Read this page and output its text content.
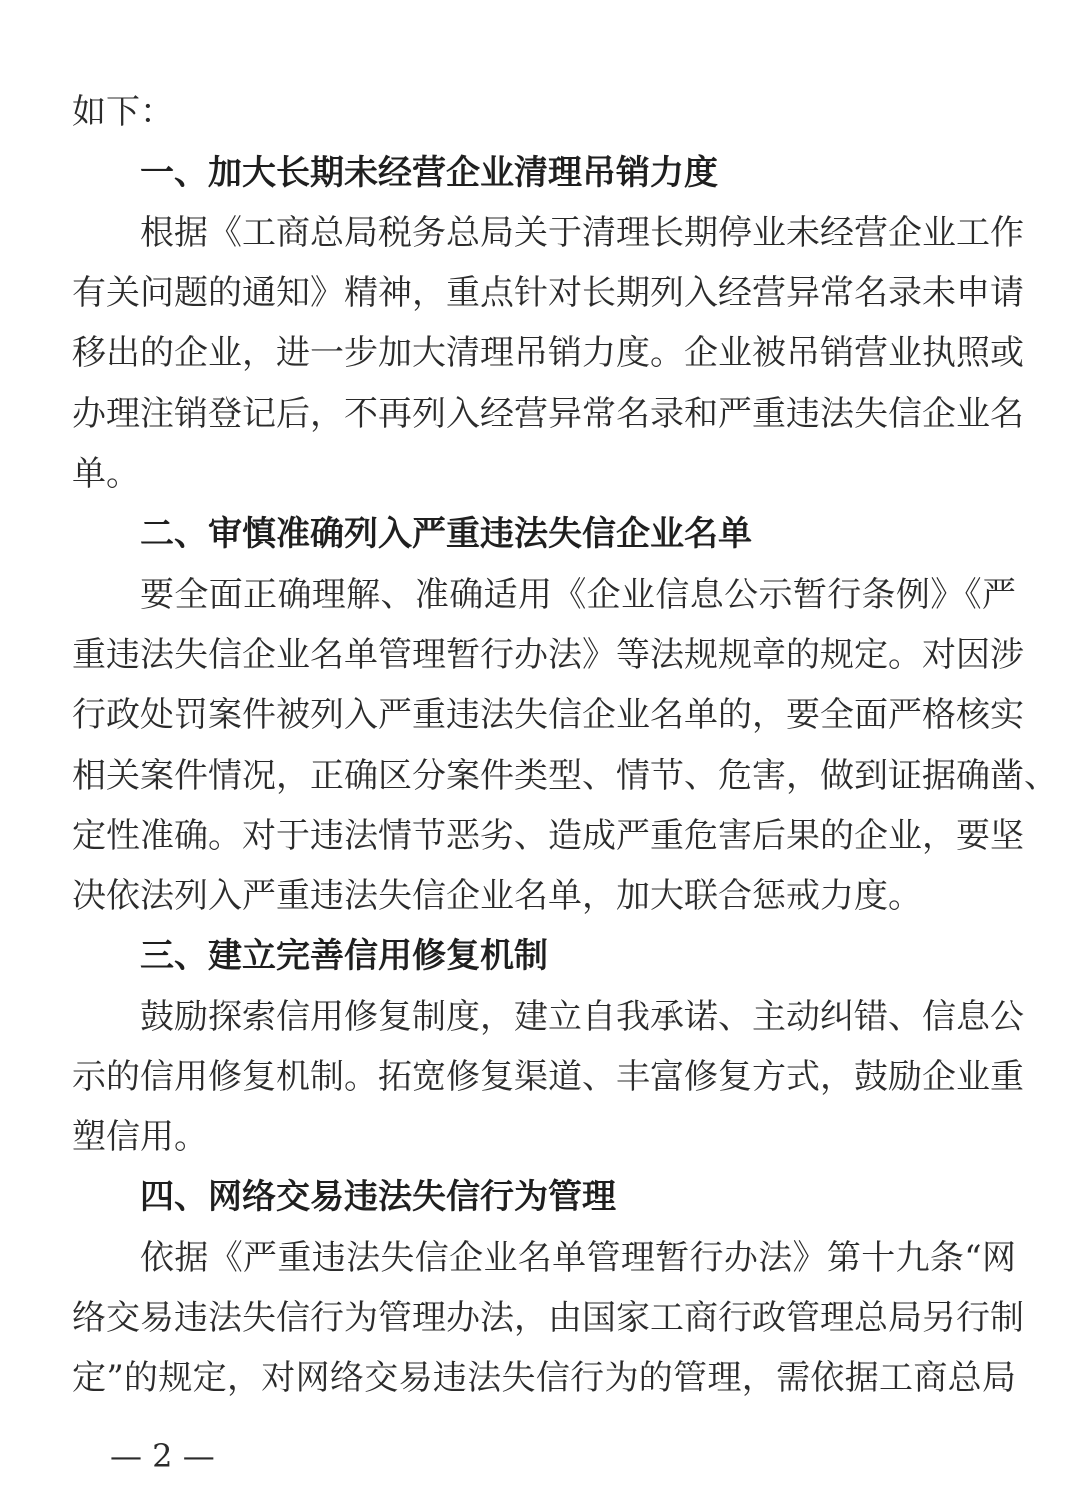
如下：
一、加大长期未经营企业清理吊销力度
根据《工商总局税务总局关于清理长期停业未经营企业工作
有关问题的通知》精神，重点针对长期列入经营异常名录未申请
移出的企业，进一步加大清理吊销力度。企业被吊销营业执照或
办理注销登记后，不再列入经营异常名录和严重违法失信企业名
单。
二、审慎准确列入严重违法失信企业名单
要全面正确理解、准确适用《企业信息公示暂行条例》《严
重违法失信企业名单管理暂行办法》等法规规章的规定。对因涉
行政处罚案件被列入严重违法失信企业名单的，要全面严格核实
相关案件情况，正确区分案件类型、情节、危害，做到证据确凿、
定性准确。对于违法情节恶劣、造成严重危害后果的企业，要坚
决依法列入严重违法失信企业名单，加大联合惩戒力度。
三、建立完善信用修复机制
鼓励探索信用修复制度，建立自我承诺、主动纠错、信息公
示的信用修复机制。拓宽修复渠道、丰富修复方式，鼓励企业重
塑信用。
四、网络交易违法失信行为管理
依据《严重违法失信企业名单管理暂行办法》第十九条“网
络交易违法失信行为管理办法，由国家工商行政管理总局另行制
定”的规定，对网络交易违法失信行为的管理，需依据工商总局
— 2 —
